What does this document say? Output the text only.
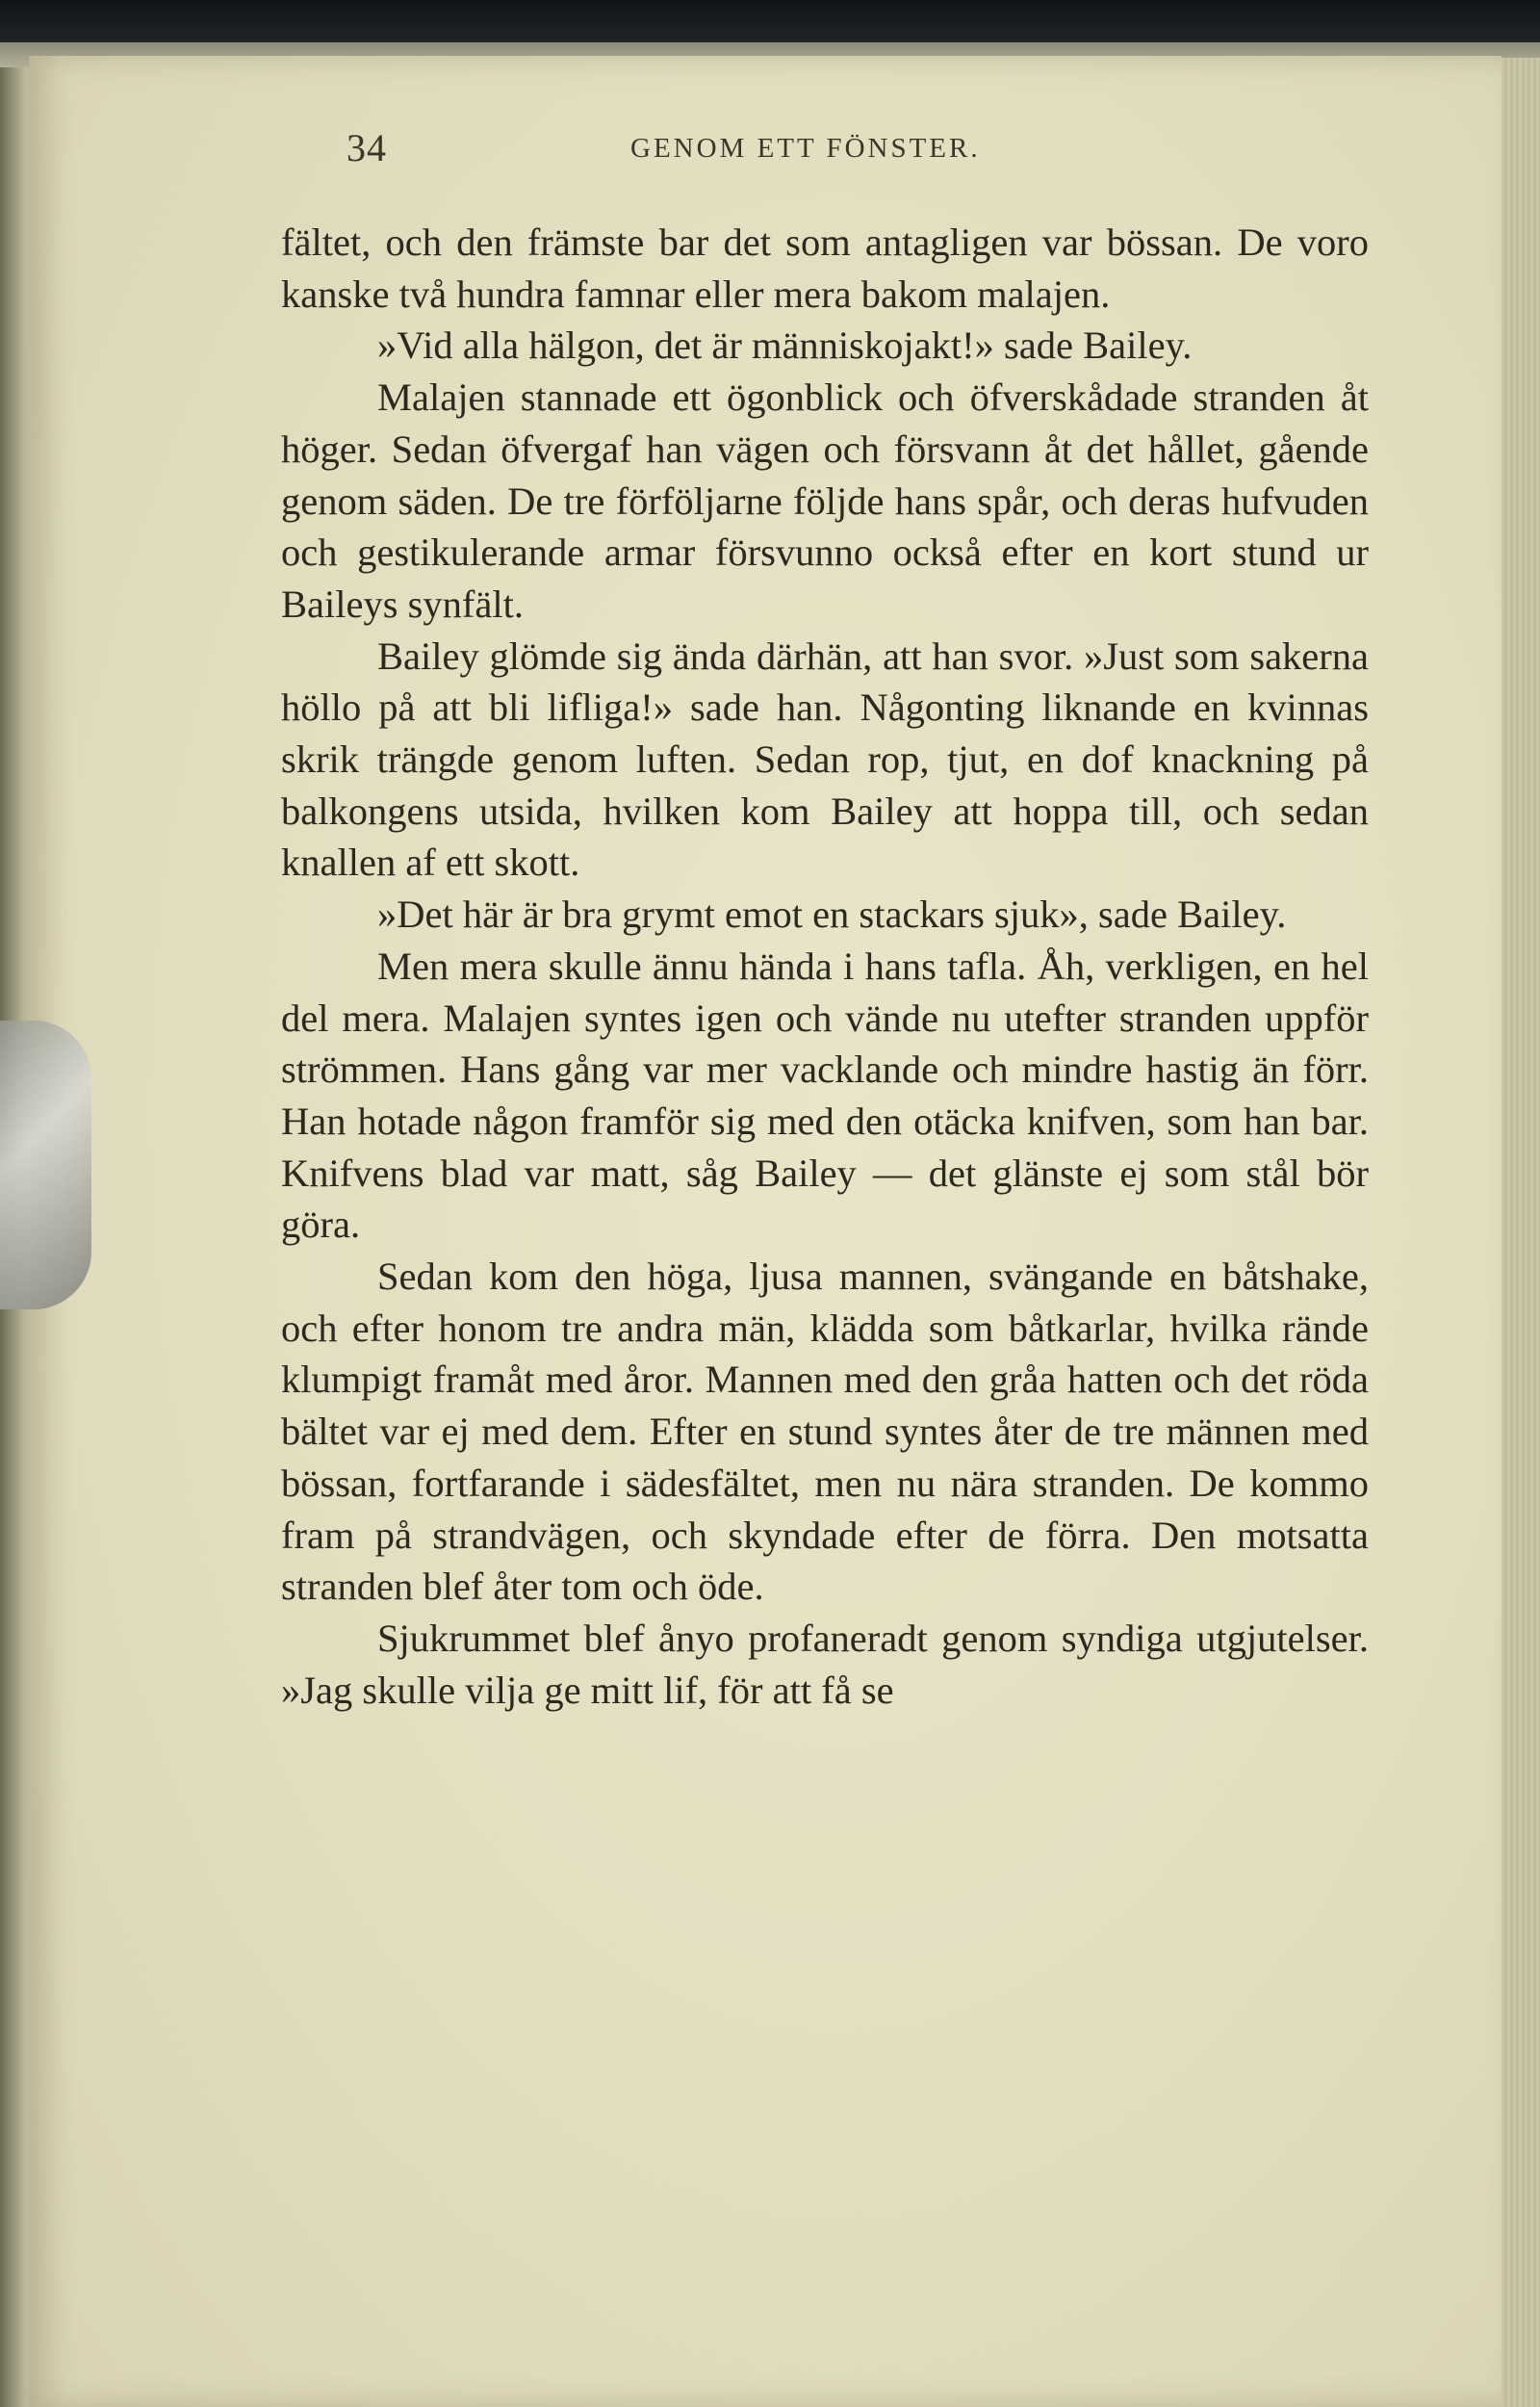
34	GENOM ETT FÖNSTER.

fältet, och den främste bar det som antagligen var bössan. De voro kanske två hundra famnar eller mera bakom malajen.

»Vid alla hälgon, det är människojakt!» sade Bailey.

Malajen stannade ett ögonblick och öfverskådade stranden åt höger. Sedan öfvergaf han vägen och försvann åt det hållet, gående genom säden. De tre förföljarne följde hans spår, och deras hufvuden och gestikulerande armar försvunno också efter en kort stund ur Baileys synfält.

Bailey glömde sig ända därhän, att han svor. »Just som sakerna höllo på att bli lifliga!» sade han. Någonting liknande en kvinnas skrik trängde genom luften. Sedan rop, tjut, en dof knackning på balkongens utsida, hvilken kom Bailey att hoppa till, och sedan knallen af ett skott.

»Det här är bra grymt emot en stackars sjuk», sade Bailey.

Men mera skulle ännu hända i hans tafla. Åh, verkligen, en hel del mera. Malajen syntes igen och vände nu utefter stranden uppför strömmen. Hans gång var mer vacklande och mindre hastig än förr. Han hotade någon framför sig med den otäcka knifven, som han bar. Knifvens blad var matt, såg Bailey — det glänste ej som stål bör göra.

Sedan kom den höga, ljusa mannen, svängande en båtshake, och efter honom tre andra män, klädda som båtkarlar, hvilka rände klumpigt framåt med åror. Mannen med den gråa hatten och det röda bältet var ej med dem. Efter en stund syntes åter de tre männen med bössan, fortfarande i sädesfältet, men nu nära stranden. De kommo fram på strandvägen, och skyndade efter de förra. Den motsatta stranden blef åter tom och öde.

Sjukrummet blef ånyo profaneradt genom syndiga utgjutelser. »Jag skulle vilja ge mitt lif, för att få se
